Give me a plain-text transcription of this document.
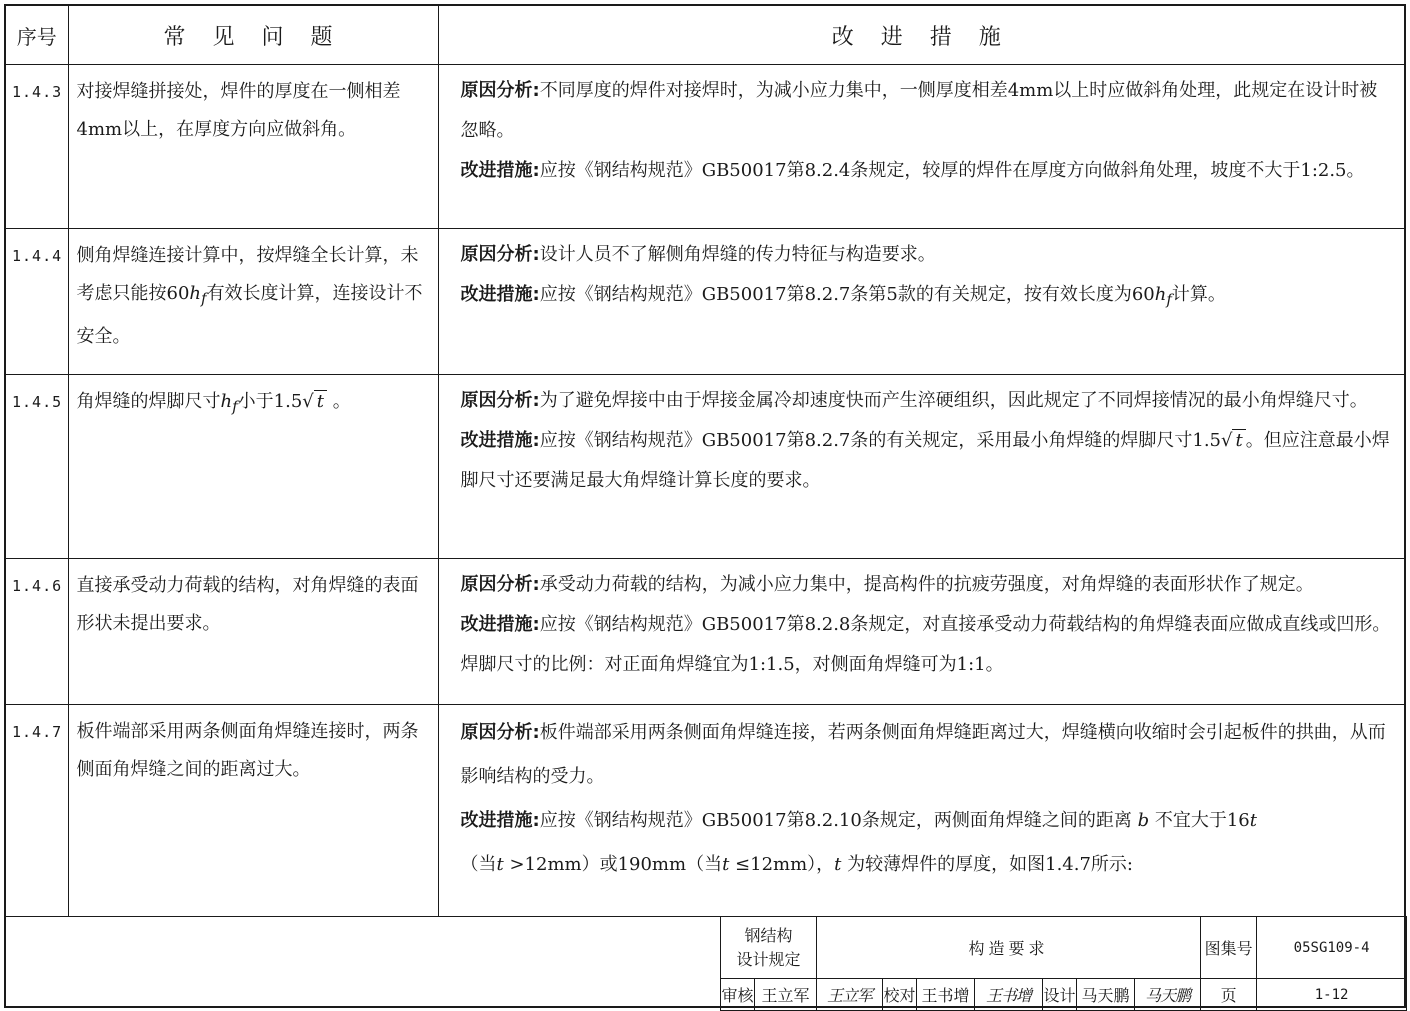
序号	常 见 问 题	改 进 措 施
1.4.3	对接焊缝拼接处，焊件的厚度在一侧相差4mm以上，在厚度方向应做斜角。	原因分析:不同厚度的焊件对接焊时，为减小应力集中，一侧厚度相差4mm以上时应做斜角处理，此规定在设计时被忽略。
改进措施:应按《钢结构规范》GB50017第8.2.4条规定，较厚的焊件在厚度方向做斜角处理，坡度不大于1:2.5。
1.4.4	侧角焊缝连接计算中，按焊缝全长计算，未考虑只能按$60h_f$有效长度计算，连接设计不安全。	原因分析:设计人员不了解侧角焊缝的传力特征与构造要求。
改进措施:应按《钢结构规范》GB50017第8.2.7条第5款的有关规定，按有效长度为$60h_f$计算。
1.4.5	角焊缝的焊脚尺寸$h_f$小于1.5√ t 。	原因分析:为了避免焊接中由于焊接金属冷却速度快而产生淬硬组织，因此规定了不同焊接情况的最小角焊缝尺寸。
改进措施:应按《钢结构规范》GB50017第8.2.7条的有关规定，采用最小角焊缝的焊脚尺寸1.5√ t 。但应注意最小焊脚尺寸还要满足最大角焊缝计算长度的要求。
1.4.6	直接承受动力荷载的结构，对角焊缝的表面形状未提出要求。	原因分析:承受动力荷载的结构，为减小应力集中，提高构件的抗疲劳强度，对角焊缝的表面形状作了规定。
改进措施:应按《钢结构规范》GB50017第8.2.8条规定，对直接承受动力荷载结构的角焊缝表面应做成直线或凹形。焊脚尺寸的比例：对正面角焊缝宜为1:1.5，对侧面角焊缝可为1:1。
1.4.7	板件端部采用两条侧面角焊缝连接时，两条侧面角焊缝之间的距离过大。	原因分析:板件端部采用两条侧面角焊缝连接，若两条侧面角焊缝距离过大，焊缝横向收缩时会引起板件的拱曲，从而影响结构的受力。
改进措施:应按《钢结构规范》GB50017第8.2.10条规定，两侧面角焊缝之间的距离 b 不宜大于16t
（当t >12mm）或190mm（当t ≤12mm），t 为较薄焊件的厚度，如图1.4.7所示:
钢结构
设计规定		构造要求							图集号	05SG109-4
审核	王立军	王立军	校对	王书增	王书增	设计	马天鹏	马天鹏	页	1-12
